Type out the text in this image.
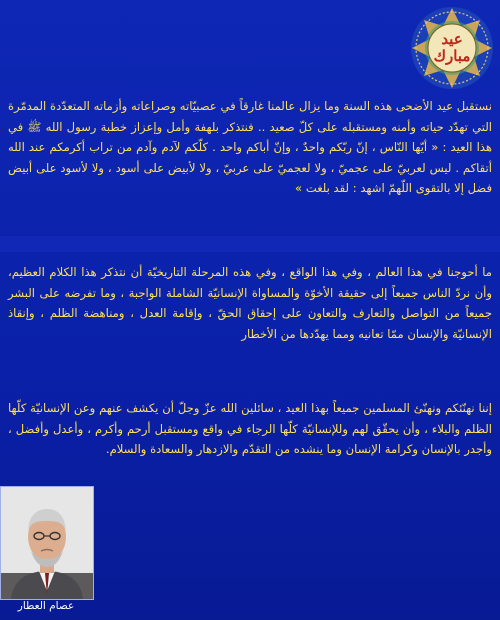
عيد
مبارك
نستقبل عيد الأضحى هذه السنة وما يزال عالمنا غارقاً في عصبيّاته وصراعاته وأزماته المتعدّدة المدمّرة التي تهدّد حياته وأمنه ومستقبله على كلّ صعيد .. فنتذكر بلهفة وأمل وإعزاز خطبة رسول الله ﷺ في هذا العيد : « أيّها النّاس ، إنّ ربّكم واحدٌ ، وإنّ أباكم واحد . كلّكم لآدم وآدم من تراب أكرمكم عند الله أتقاكم . ليس لعربيّ على عجميّ ، ولا لعجميّ على عربيّ ، ولا لأبيض على أسود ، ولا لأسود على أبيض فضل إلا بالتقوى اللّهمّ اشهد : لقد بلغت »
ما أحوجنا في هذا العالم ، وفي هذا الواقع ، وفي هذه المرحلة التاريخيّة أن نتذكر هذا الكلام العظيم، وأن نردّ الناس جميعاً إلى حقيقة الأخوّة والمساواة الإنسانيّة الشاملة الواجبة ، وما تفرضه على البشر جميعاً من التواصل والتعارف والتعاون على إحقاق الحقّ ، وإقامة العدل ، ومناهضة الظلم ، وإنقاذ الإنسانيّة والإنسان ممّا تعانيه ومما يهدّدها من الأخطار
إننا نهنّئكم ونهنّئ المسلمين جميعاً بهذا العيد ، سائلين الله عزّ وجلّ أن يكشف عنهم وعن الإنسانيّة كلّها الظلم والبلاء ، وأن يحقّق لهم وللإنسانيّة كلّها الرجاء في واقع ومستقبل أرحم وأكرم ، وأعدل وأفضل ، وأجدر بالإنسان وكرامة الإنسان وما ينشده من التقدّم والازدهار والسعادة والسلام.
عصام العطار
